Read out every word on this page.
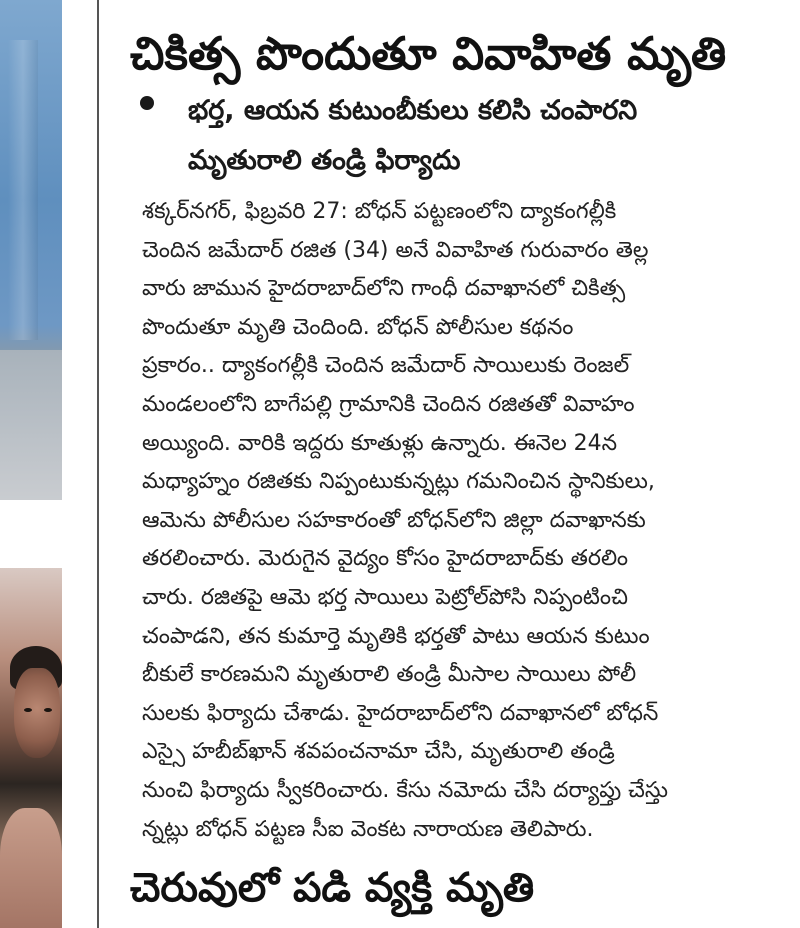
చికిత్స పొందుతూ వివాహిత మృతి

భర్త, ఆయన కుటుంబీకులు కలిసి చంపారని
మృతురాలి తండ్రి ఫిర్యాదు

శక్కర్‌నగర్, ఫిబ్రవరి 27: బోధన్ పట్టణంలోని ద్యాకంగల్లీకి
చెందిన జమేదార్ రజిత (34) అనే వివాహిత గురువారం తెల్ల
వారు జామున హైదరాబాద్‌లోని గాంధీ దవాఖానలో చికిత్స
పొందుతూ మృతి చెందింది. బోధన్ పోలీసుల కథనం
ప్రకారం.. ద్యాకంగల్లీకి చెందిన జమేదార్ సాయిలుకు రెంజల్
మండలంలోని బాగేపల్లి గ్రామానికి చెందిన రజితతో వివాహం
అయ్యింది. వారికి ఇద్దరు కూతుళ్లు ఉన్నారు. ఈనెల 24న
మధ్యాహ్నం రజితకు నిప్పంటుకున్నట్లు గమనించిన స్థానికులు,
ఆమెను పోలీసుల సహకారంతో బోధన్‌లోని జిల్లా దవాఖానకు
తరలించారు. మెరుగైన వైద్యం కోసం హైదరాబాద్‌కు తరలిం
చారు. రజితపై ఆమె భర్త సాయిలు పెట్రోల్‌పోసి నిప్పంటించి
చంపాడని, తన కుమార్తె మృతికి భర్తతో పాటు ఆయన కుటుం
బీకులే కారణమని మృతురాలి తండ్రి మీసాల సాయిలు పోలీ
సులకు ఫిర్యాదు చేశాడు. హైదరాబాద్‌లోని దవాఖానలో బోధన్
ఎస్సై హబీబ్‌ఖాన్ శవపంచనామా చేసి, మృతురాలి తండ్రి
నుంచి ఫిర్యాదు స్వీకరించారు. కేసు నమోదు చేసి దర్యాప్తు చేస్తు
న్నట్లు బోధన్ పట్టణ సీఐ వెంకట నారాయణ తెలిపారు.
చెరువులో పడి వ్యక్తి మృతి
